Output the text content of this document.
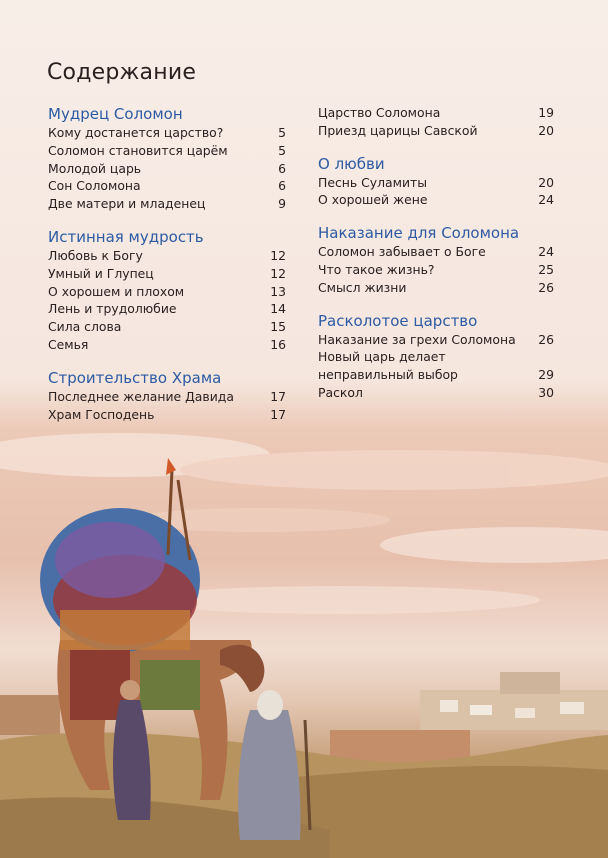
Содержание
Мудрец Соломон
Кому достанется царство?	5
Соломон становится царём	5
Молодой царь	6
Сон Соломона	6
Две матери и младенец	9
Истинная мудрость
Любовь к Богу	12
Умный и Глупец	12
О хорошем и плохом	13
Лень и трудолюбие	14
Сила слова	15
Семья	16
Строительство Храма
Последнее желание Давида	17
Храм Господень	17
Царство Соломона	19
Приезд царицы Савской	20
О любви
Песнь Суламиты	20
О хорошей жене	24
Наказание для Соломона
Соломон забывает о Боге	24
Что такое жизнь?	25
Смысл жизни	26
Расколотое царство
Наказание за грехи Соломона	26
Новый царь делает
неправильный выбор	29
Раскол	30
